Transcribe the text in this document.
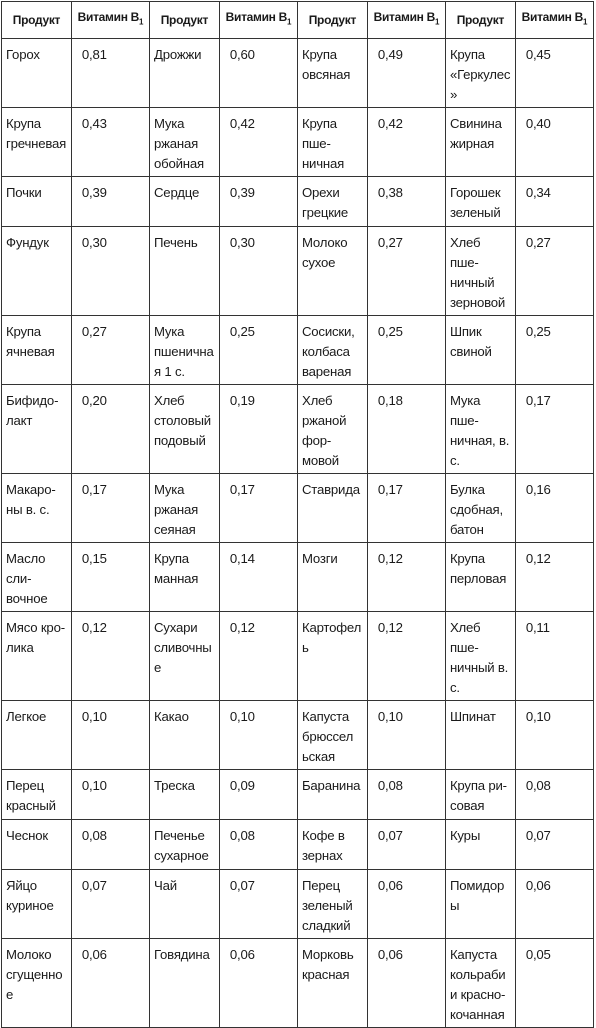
Продукт	Витамин $B_1$	Продукт	Витамин $B_1$	Продукт	Витамин $B_1$	Продукт	Витамин $B_1$
Горох	0,81	Дрожжи	0,60	Крупа овсяная	0,49	Крупа «Геркулес»	0,45
Крупа гречневая	0,43	Мука ржаная обойная	0,42	Крупа пшеничная	0,42	Свинина жирная	0,40
Почки	0,39	Сердце	0,39	Орехи грецкие	0,38	Горошек зеленый	0,34
Фундук	0,30	Печень	0,30	Молоко сухое	0,27	Хлеб пшеничный зерновой	0,27
Крупа ячневая	0,27	Мука пшеничная 1 с.	0,25	Сосиски, колбаса вареная	0,25	Шпик свиной	0,25
Бифидолакт	0,20	Хлеб столовый подовый	0,19	Хлеб ржаной формовой	0,18	Мука пшеничная, в. с.	0,17
Макароны в. с.	0,17	Мука ржаная сеяная	0,17	Ставрида	0,17	Булка сдобная, батон	0,16
Масло сливочное	0,15	Крупа манная	0,14	Мозги	0,12	Крупа перловая	0,12
Мясо кролика	0,12	Сухари сливочные	0,12	Картофель	0,12	Хлеб пшеничный в. с.	0,11
Легкое	0,10	Какао	0,10	Капуста брюссельская	0,10	Шпинат	0,10
Перец красный	0,10	Треска	0,09	Баранина	0,08	Крупа рисовая	0,08
Чеснок	0,08	Печенье сухарное	0,08	Кофе в зернах	0,07	Куры	0,07
Яйцо куриное	0,07	Чай	0,07	Перец зеленый сладкий	0,06	Помидоры	0,06
Молоко сгущенное	0,06	Говядина	0,06	Морковь красная	0,06	Капуста кольраби и краснокочанная	0,05
